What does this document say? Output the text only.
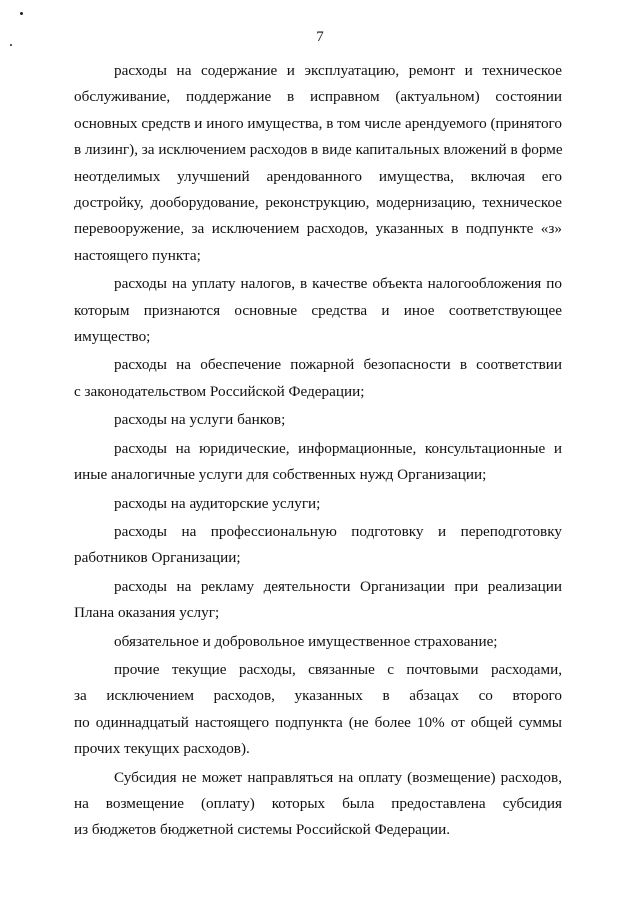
7
расходы на содержание и эксплуатацию, ремонт и техническое
обслуживание, поддержание в исправном (актуальном) состоянии
основных средств и иного имущества, в том числе арендуемого (принятого
в лизинг), за исключением расходов в виде капитальных вложений в форме
неотделимых улучшений арендованного имущества, включая его
достройку, дооборудование, реконструкцию, модернизацию, техническое
перевооружение, за исключением расходов, указанных в подпункте «з»
настоящего пункта;
расходы на уплату налогов, в качестве объекта налогообложения по
которым признаются основные средства и иное соответствующее
имущество;
расходы на обеспечение пожарной безопасности в соответствии
с законодательством Российской Федерации;
расходы на услуги банков;
расходы на юридические, информационные, консультационные и
иные аналогичные услуги для собственных нужд Организации;
расходы на аудиторские услуги;
расходы на профессиональную подготовку и переподготовку
работников Организации;
расходы на рекламу деятельности Организации при реализации
Плана оказания услуг;
обязательное и добровольное имущественное страхование;
прочие текущие расходы, связанные с почтовыми расходами,
за исключением расходов, указанных в абзацах со второго
по одиннадцатый настоящего подпункта (не более 10% от общей суммы
прочих текущих расходов).
Субсидия не может направляться на оплату (возмещение) расходов,
на возмещение (оплату) которых была предоставлена субсидия
из бюджетов бюджетной системы Российской Федерации.
